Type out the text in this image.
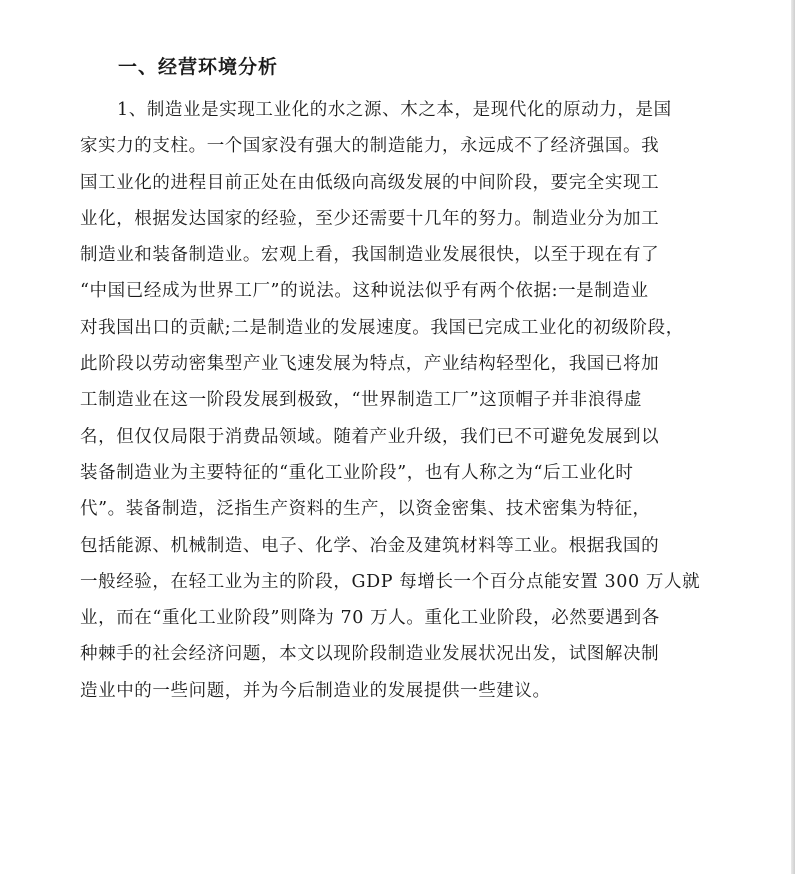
一、经营环境分析
1、制造业是实现工业化的水之源、木之本，是现代化的原动力，是国
家实力的支柱。一个国家没有强大的制造能力，永远成不了经济强国。我
国工业化的进程目前正处在由低级向高级发展的中间阶段，要完全实现工
业化，根据发达国家的经验，至少还需要十几年的努力。制造业分为加工
制造业和装备制造业。宏观上看，我国制造业发展很快，以至于现在有了
“中国已经成为世界工厂”的说法。这种说法似乎有两个依据:一是制造业
对我国出口的贡献;二是制造业的发展速度。我国已完成工业化的初级阶段，
此阶段以劳动密集型产业飞速发展为特点，产业结构轻型化，我国已将加
工制造业在这一阶段发展到极致，“世界制造工厂”这顶帽子并非浪得虚
名，但仅仅局限于消费品领域。随着产业升级，我们已不可避免发展到以
装备制造业为主要特征的“重化工业阶段”，也有人称之为“后工业化时
代”。装备制造，泛指生产资料的生产，以资金密集、技术密集为特征，
包括能源、机械制造、电子、化学、冶金及建筑材料等工业。根据我国的
一般经验，在轻工业为主的阶段，GDP 每增长一个百分点能安置 300 万人就
业，而在“重化工业阶段”则降为 70 万人。重化工业阶段，必然要遇到各
种棘手的社会经济问题，本文以现阶段制造业发展状况出发，试图解决制
造业中的一些问题，并为今后制造业的发展提供一些建议。
